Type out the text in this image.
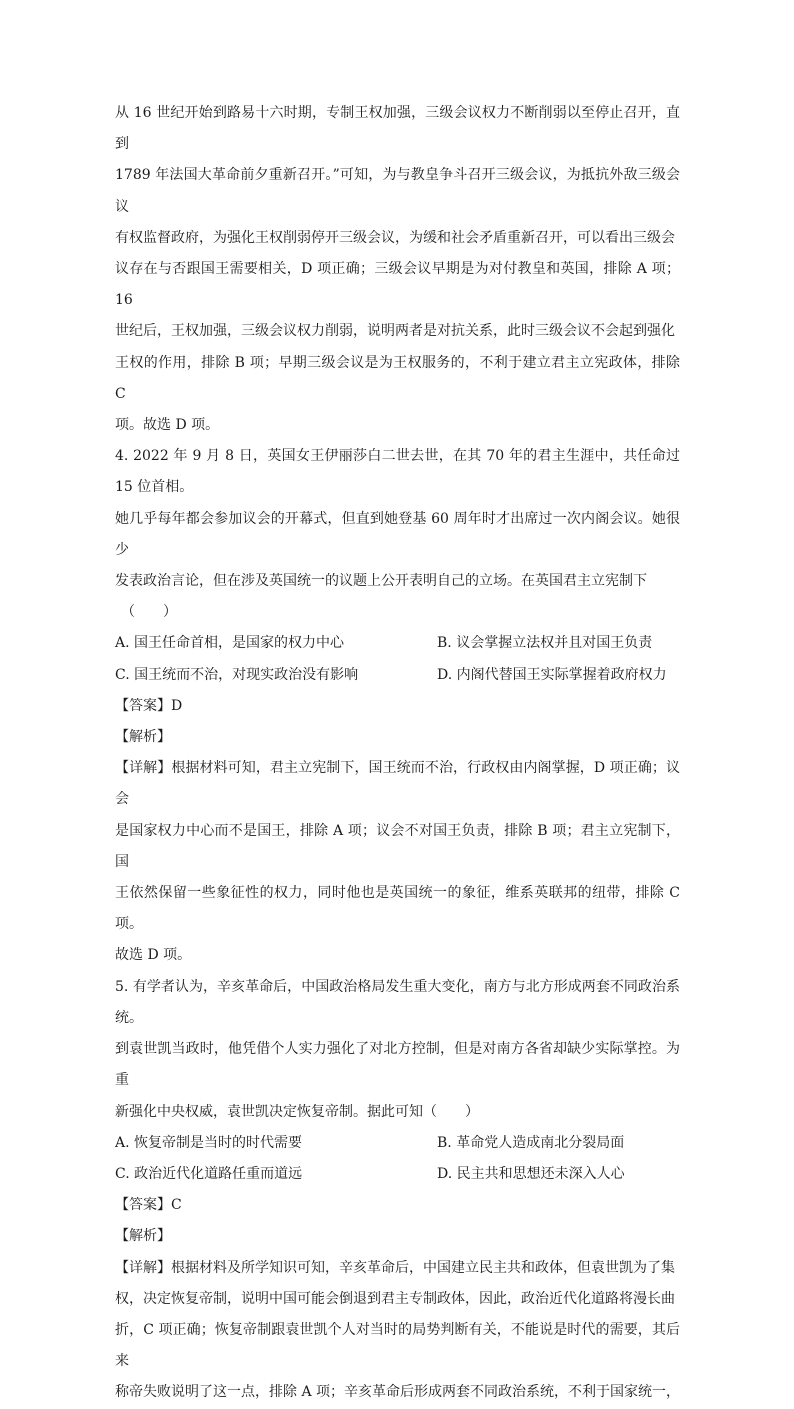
从 16 世纪开始到路易十六时期，专制王权加强，三级会议权力不断削弱以至停止召开，直到

1789 年法国大革命前夕重新召开。”可知，为与教皇争斗召开三级会议，为抵抗外敌三级会议

有权监督政府，为强化王权削弱停开三级会议，为缓和社会矛盾重新召开，可以看出三级会

议存在与否跟国王需要相关，D 项正确；三级会议早期是为对付教皇和英国，排除 A 项；16

世纪后，王权加强，三级会议权力削弱，说明两者是对抗关系，此时三级会议不会起到强化

王权的作用，排除 B 项；早期三级会议是为王权服务的，不利于建立君主立宪政体，排除 C

项。故选 D 项。

4. 2022 年 9 月 8 日，英国女王伊丽莎白二世去世，在其 70 年的君主生涯中，共任命过 15 位首相。

她几乎每年都会参加议会的开幕式，但直到她登基 60 周年时才出席过一次内阁会议。她很少

发表政治言论，但在涉及英国统一的议题上公开表明自己的立场。在英国君主立宪制下

（　　）

A. 国王任命首相，是国家的权力中心	B. 议会掌握立法权并且对国王负责
C. 国王统而不治，对现实政治没有影响	D. 内阁代替国王实际掌握着政府权力
【答案】D
【解析】

【详解】根据材料可知，君主立宪制下，国王统而不治，行政权由内阁掌握，D 项正确；议会

是国家权力中心而不是国王，排除 A 项；议会不对国王负责，排除 B 项；君主立宪制下，国

王依然保留一些象征性的权力，同时他也是英国统一的象征，维系英联邦的纽带，排除 C 项。

故选 D 项。

5. 有学者认为，辛亥革命后，中国政治格局发生重大变化，南方与北方形成两套不同政治系统。

到袁世凯当政时，他凭借个人实力强化了对北方控制，但是对南方各省却缺少实际掌控。为重

新强化中央权威，袁世凯决定恢复帝制。据此可知（　　）

A. 恢复帝制是当时的时代需要	B. 革命党人造成南北分裂局面
C. 政治近代化道路任重而道远	D. 民主共和思想还未深入人心
【答案】C
【解析】

【详解】根据材料及所学知识可知，辛亥革命后，中国建立民主共和政体，但袁世凯为了集

权，决定恢复帝制，说明中国可能会倒退到君主专制政体，因此，政治近代化道路将漫长曲

折，C 项正确；恢复帝制跟袁世凯个人对当时的局势判断有关，不能说是时代的需要，其后来

称帝失败说明了这一点，排除 A 项；辛亥革命后形成两套不同政治系统，不利于国家统一，
